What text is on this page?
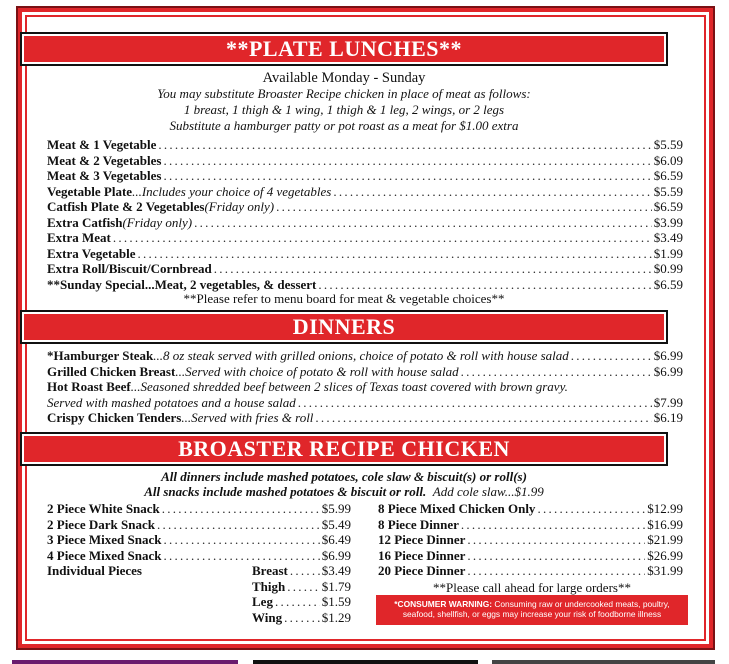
**PLATE LUNCHES**
Available Monday - Sunday
You may substitute Broaster Recipe chicken in place of meat as follows:
1 breast, 1 thigh & 1 wing, 1 thigh & 1 leg, 2 wings, or 2 legs
Substitute a hamburger patty or pot roast as a meat for $1.00 extra
Meat & 1 Vegetable . . .	$5.59
Meat & 2 Vegetables . . .	$6.09
Meat & 3 Vegetables . . .	$6.59
Vegetable Plate ...Includes your choice of 4 vegetables . . .	$5.59
Catfish Plate & 2 Vegetables (Friday only) . . .	$6.59
Extra Catfish (Friday only) . . .	$3.99
Extra Meat . . .	$3.49
Extra Vegetable . . .	$1.99
Extra Roll/Biscuit/Cornbread . . .	$0.99
**Sunday Special...Meat, 2 vegetables, & dessert . . .	$6.59
**Please refer to menu board for meat & vegetable choices**
DINNERS
*Hamburger Steak ...8 oz steak served with grilled onions, choice of potato & roll with house salad . . .	$6.99
Grilled Chicken Breast ...Served with choice of potato & roll with house salad . . .	$6.99
Hot Roast Beef ...Seasoned shredded beef between 2 slices of Texas toast covered with brown gravy.
Served with mashed potatoes and a house salad . . .	$7.99
Crispy Chicken Tenders ...Served with fries & roll . . .	$6.19
BROASTER RECIPE CHICKEN
All dinners include mashed potatoes, cole slaw & biscuit(s) or roll(s)
All snacks include mashed potatoes & biscuit or roll. Add cole slaw...$1.99
2 Piece White Snack . . .	$5.99
2 Piece Dark Snack . . .	$5.49
3 Piece Mixed Snack . . .	$6.49
4 Piece Mixed Snack . . .	$6.99
Individual Pieces	Breast . . .	$3.49
Thigh . . .	$1.79
Leg . . .	$1.59
Wing . . .	$1.29
8 Piece Mixed Chicken Only . . .	$12.99
8 Piece Dinner . . .	$16.99
12 Piece Dinner . . .	$21.99
16 Piece Dinner . . .	$26.99
20 Piece Dinner . . .	$31.99
**Please call ahead for large orders**
*CONSUMER WARNING: Consuming raw or undercooked meats, poultry, seafood, shellfish, or eggs may increase your risk of foodborne illness
